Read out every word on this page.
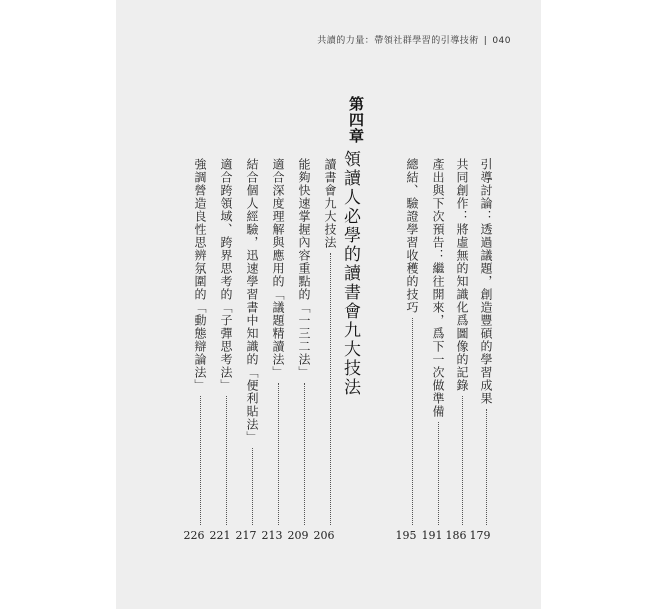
共讀的力量：帶領社群學習的引導技術 | 040
引導討論：透過議題，創造豐碩的學習成果
179
共同創作：將虛無的知識化爲圖像的記錄
186
產出與下次預告：繼往開來，爲下一次做準備
191
總結、驗證學習收穫的技巧
195
第四章
領讀人必學的讀書會九大技法
讀書會九大技法
206
能夠快速掌握內容重點的「一三二法」
209
適合深度理解與應用的「議題精讀法」
213
結合個人經驗，迅速學習書中知識的「便利貼法」
217
適合跨領域、跨界思考的「子彈思考法」
221
強調營造良性思辨氛圍的「動態辯論法」
226
